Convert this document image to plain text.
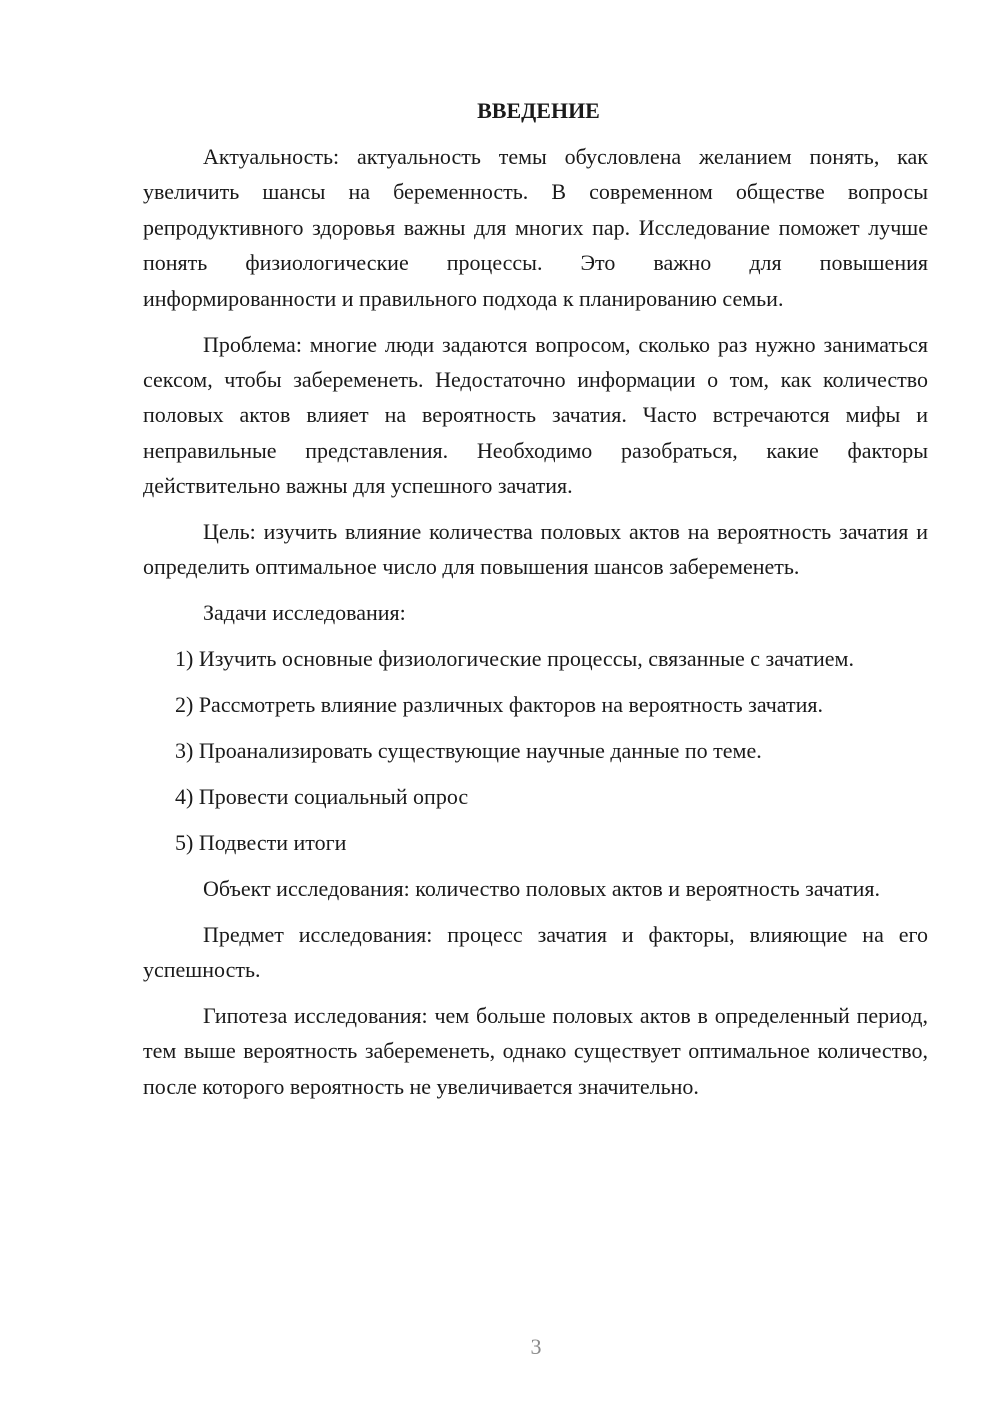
ВВЕДЕНИЕ

Актуальность: актуальность темы обусловлена желанием понять, как увеличить шансы на беременность. В современном обществе вопросы репродуктивного здоровья важны для многих пар. Исследование поможет лучше понять физиологические процессы. Это важно для повышения информированности и правильного подхода к планированию семьи.

Проблема: многие люди задаются вопросом, сколько раз нужно заниматься сексом, чтобы забеременеть. Недостаточно информации о том, как количество половых актов влияет на вероятность зачатия. Часто встречаются мифы и неправильные представления. Необходимо разобраться, какие факторы действительно важны для успешного зачатия.

Цель: изучить влияние количества половых актов на вероятность зачатия и определить оптимальное число для повышения шансов забеременеть.

Задачи исследования:

1) Изучить основные физиологические процессы, связанные с зачатием.

2) Рассмотреть влияние различных факторов на вероятность зачатия.

3) Проанализировать существующие научные данные по теме.

4) Провести социальный опрос

5) Подвести итоги

Объект исследования: количество половых актов и вероятность зачатия.

Предмет исследования: процесс зачатия и факторы, влияющие на его успешность.

Гипотеза исследования: чем больше половых актов в определенный период, тем выше вероятность забеременеть, однако существует оптимальное количество, после которого вероятность не увеличивается значительно.

3
